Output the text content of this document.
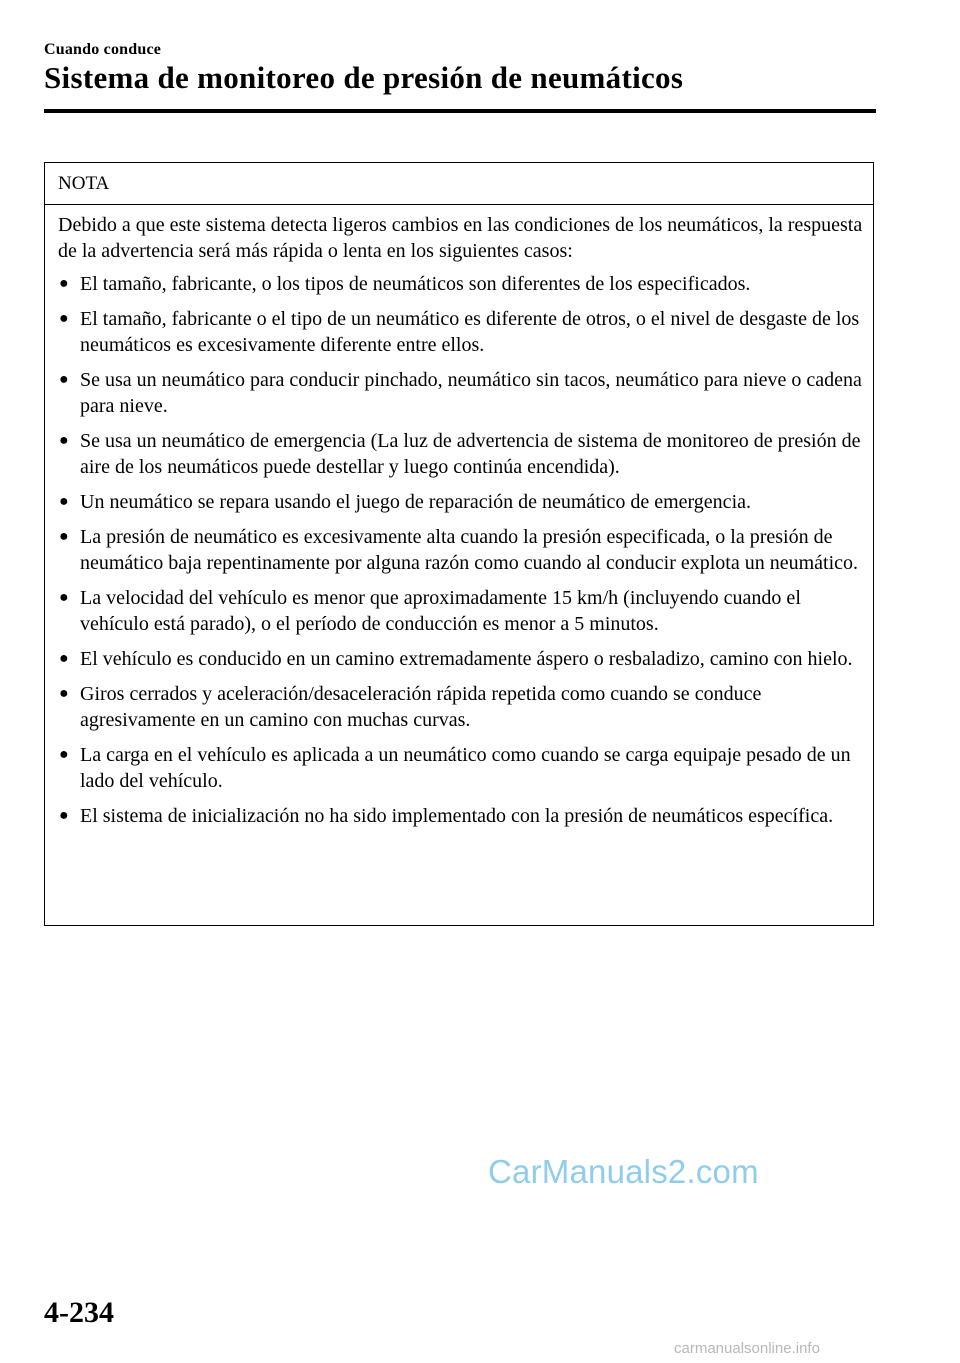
Cuando conduce
Sistema de monitoreo de presión de neumáticos
NOTA

Debido a que este sistema detecta ligeros cambios en las condiciones de los neumáticos, la respuesta de la advertencia será más rápida o lenta en los siguientes casos:

● El tamaño, fabricante, o los tipos de neumáticos son diferentes de los especificados.
● El tamaño, fabricante o el tipo de un neumático es diferente de otros, o el nivel de desgaste de los neumáticos es excesivamente diferente entre ellos.
● Se usa un neumático para conducir pinchado, neumático sin tacos, neumático para nieve o cadena para nieve.
● Se usa un neumático de emergencia (La luz de advertencia de sistema de monitoreo de presión de aire de los neumáticos puede destellar y luego continúa encendida).
● Un neumático se repara usando el juego de reparación de neumático de emergencia.
● La presión de neumático es excesivamente alta cuando la presión especificada, o la presión de neumático baja repentinamente por alguna razón como cuando al conducir explota un neumático.
● La velocidad del vehículo es menor que aproximadamente 15 km/h (incluyendo cuando el vehículo está parado), o el período de conducción es menor a 5 minutos.
● El vehículo es conducido en un camino extremadamente áspero o resbaladizo, camino con hielo.
● Giros cerrados y aceleración/desaceleración rápida repetida como cuando se conduce agresivamente en un camino con muchas curvas.
● La carga en el vehículo es aplicada a un neumático como cuando se carga equipaje pesado de un lado del vehículo.
● El sistema de inicialización no ha sido implementado con la presión de neumáticos específica.
CarManuals2.com
4-234
carmanualsonline.info
